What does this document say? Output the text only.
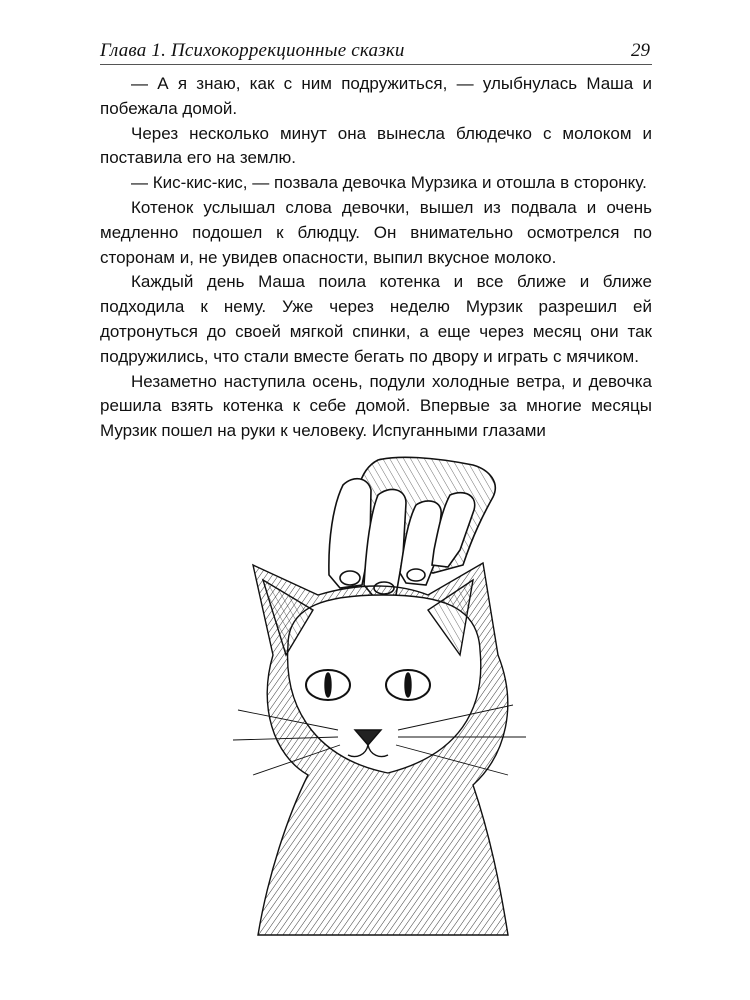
Глава 1. Психокоррекционные сказки	29

— А я знаю, как с ним подружиться, — улыбнулась Маша и побежала домой.

Через несколько минут она вынесла блюдечко с молоком и поставила его на землю.

— Кис-кис-кис, — позвала девочка Мурзика и отошла в сторонку.

Котенок услышал слова девочки, вышел из подвала и очень медленно подошел к блюдцу. Он внимательно осмотрелся по сторонам и, не увидев опасности, выпил вкусное молоко.

Каждый день Маша поила котенка и все ближе и ближе подходила к нему. Уже через неделю Мурзик разрешил ей дотронуться до своей мягкой спинки, а еще через месяц они так подружились, что стали вместе бегать по двору и играть с мячиком.

Незаметно наступила осень, подули холодные ветра, и девочка решила взять котенка к себе домой. Впервые за многие месяцы Мурзик пошел на руки к человеку. Испуганными глазами
